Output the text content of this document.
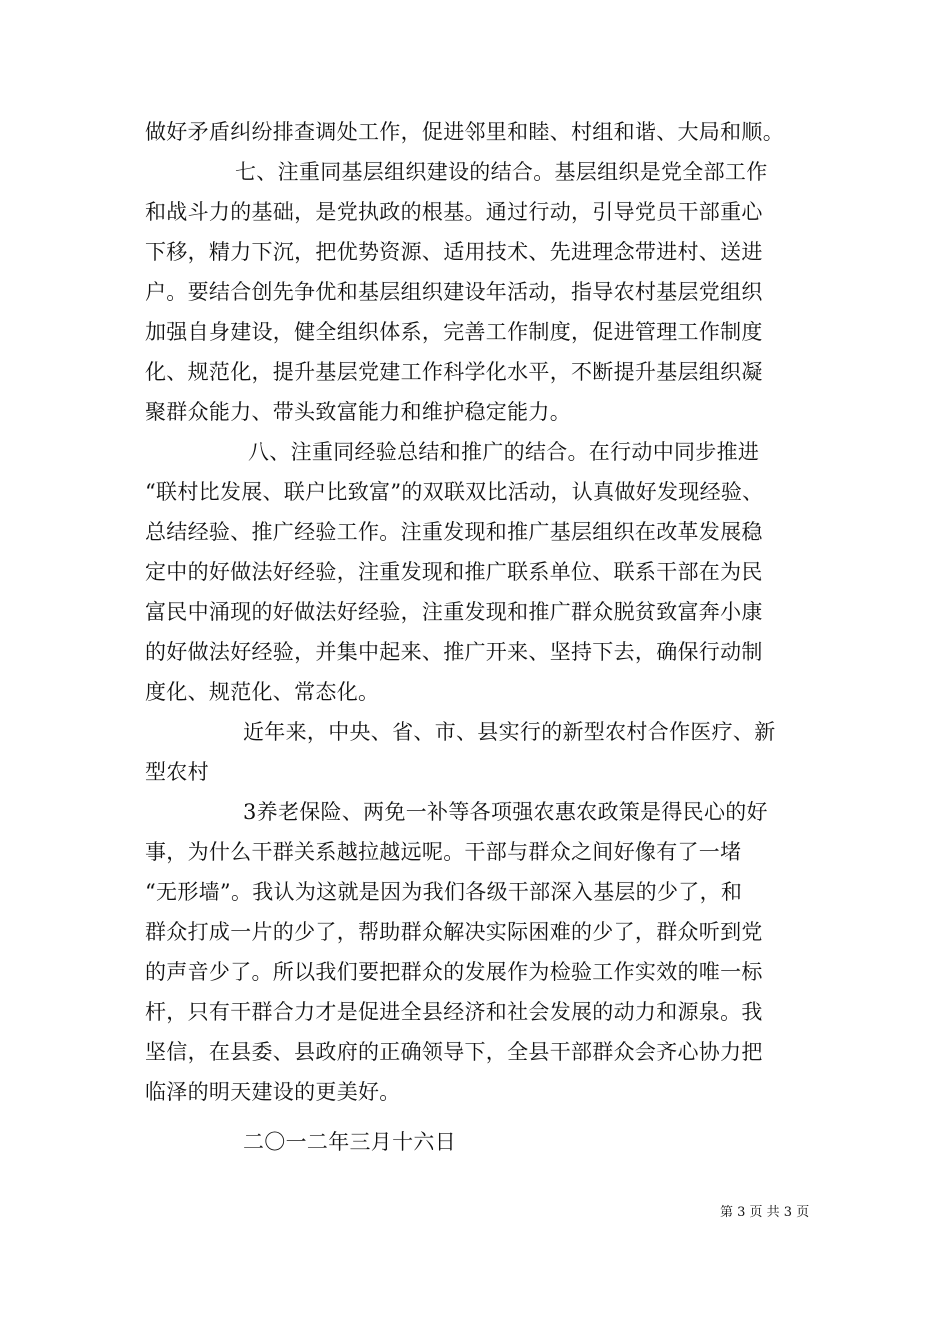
做好矛盾纠纷排查调处工作，促进邻里和睦、村组和谐、大局和顺。
七、注重同基层组织建设的结合。基层组织是党全部工作
和战斗力的基础，是党执政的根基。通过行动，引导党员干部重心
下移，精力下沉，把优势资源、适用技术、先进理念带进村、送进
户。要结合创先争优和基层组织建设年活动，指导农村基层党组织
加强自身建设，健全组织体系，完善工作制度，促进管理工作制度
化、规范化，提升基层党建工作科学化水平，不断提升基层组织凝
聚群众能力、带头致富能力和维护稳定能力。
八、注重同经验总结和推广的结合。在行动中同步推进
“联村比发展、联户比致富”的双联双比活动，认真做好发现经验、
总结经验、推广经验工作。注重发现和推广基层组织在改革发展稳
定中的好做法好经验，注重发现和推广联系单位、联系干部在为民
富民中涌现的好做法好经验，注重发现和推广群众脱贫致富奔小康
的好做法好经验，并集中起来、推广开来、坚持下去，确保行动制
度化、规范化、常态化。
近年来，中央、省、市、县实行的新型农村合作医疗、新
型农村
3养老保险、两免一补等各项强农惠农政策是得民心的好
事，为什么干群关系越拉越远呢。干部与群众之间好像有了一堵
“无形墙”。我认为这就是因为我们各级干部深入基层的少了，和
群众打成一片的少了，帮助群众解决实际困难的少了，群众听到党
的声音少了。所以我们要把群众的发展作为检验工作实效的唯一标
杆，只有干群合力才是促进全县经济和社会发展的动力和源泉。我
坚信，在县委、县政府的正确领导下，全县干部群众会齐心协力把
临泽的明天建设的更美好。
二〇一二年三月十六日
第 3 页 共 3 页
